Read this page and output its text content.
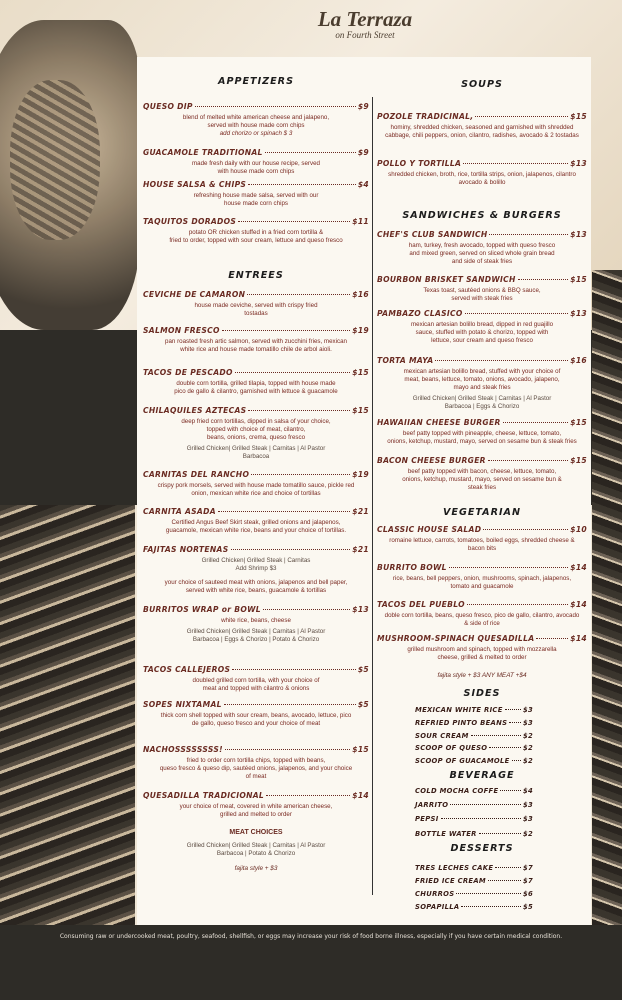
La Terraza
on Fourth Street
APPETIZERS
QUESO DIP	$9
blend of melted white american cheese and jalapeno,
served with house made corn chips
add chorizo or spinach $ 3
GUACAMOLE TRADITIONAL	$9
made fresh daily with our house recipe, served
with house made corn chips
HOUSE SALSA & CHIPS	$4
refreshing house made salsa, served with our
house made corn chips
TAQUITOS DORADOS	$11
potato OR chicken stuffed in a fried corn tortilla &
fried to order, topped with sour cream, lettuce and queso fresco
ENTREES
CEVICHE DE CAMARON	$16
house made ceviche, served with crispy fried
tostadas
SALMON FRESCO	$19
pan roasted fresh artic salmon, served with zucchini fries, mexican
white rice and house made tomatillo chile de arbol aioli.
TACOS DE PESCADO	$15
double corn tortilla, grilled tilapia, topped with house made
pico de gallo & cilantro, garnished with lettuce & guacamole
CHILAQUILES AZTECAS	$15
deep fried corn tortillas, dipped in salsa of your choice,
topped with choice of meat, cilantro,
beans, onions, crema, queso fresco
Grilled Chicken| Grilled Steak | Carnitas | Al Pastor
Barbacoa
CARNITAS DEL RANCHO	$19
crispy pork morsels, served with house made tomatillo sauce, pickle red
onion, mexican white rice and choice of tortillas
CARNITA ASADA	$21
Certified Angus Beef Skirt steak, grilled onions and jalapenos,
guacamole, mexican white rice, beans and your choice of tortillas.
FAJITAS NORTENAS	$21
Grilled Chicken| Grilled Steak | Carnitas
Add Shrimp $3
your choice of sauteed meat with onions, jalapenos and bell paper,
served with white rice, beans, guacamole & tortillas
BURRITOS WRAP or BOWL	$13
white rice, beans, cheese
Grilled Chicken| Grilled Steak | Carnitas | Al Pastor
Barbacoa | Eggs & Chorizo | Potato & Chorizo
TACOS CALLEJEROS	$5
doubled grilled corn tortilla, with your choice of
meat and topped with cilantro & onions
SOPES NIXTAMAL	$5
thick corn shell topped with sour cream, beans, avocado, lettuce, pico
de gallo, queso fresco and your choice of meat
NACHOSSSSSSSS!	$15
fried to order corn tortilla chips, topped with beans,
queso fresco & queso dip, sautéed onions, jalapenos, and your choice
of meat
QUESADILLA TRADICIONAL	$14
your choice of meat, covered in white american cheese,
grilled and melted to order
MEAT CHOICES
Grilled Chicken| Grilled Steak | Carnitas | Al Pastor
Barbacoa | Potato & Chorizo
fajita style + $3
SOUPS
POZOLE TRADICINAL,	$15
hominy, shredded chicken, seasoned and garnished with shredded
cabbage, chili peppers, onion, cilantro, radishes, avocado & 2 tostadas
POLLO Y TORTILLA	$13
shredded chicken, broth, rice, tortilla strips, onion, jalapenos, cilantro
avocado & bolillo
SANDWICHES & BURGERS
CHEF'S CLUB SANDWICH	$13
ham, turkey, fresh avocado, topped with queso fresco
and mixed green, served on sliced whole grain bread
and side of steak fries
BOURBON BRISKET SANDWICH	$15
Texas toast, sautéed onions & BBQ sauce,
served with steak fries
PAMBAZO CLASICO	$13
mexican artesian bolillo bread, dipped in red guajillo
sauce, stuffed with potato & chorizo, topped with
lettuce, sour cream and queso fresco
TORTA MAYA	$16
mexican artesian bolillo bread, stuffed with your choice of
meat, beans, lettuce, tomato, onions, avocado, jalapeno,
mayo and steak fries
Grilled Chicken| Grilled Steak | Carnitas | Al Pastor
Barbacoa | Eggs & Chorizo
HAWAIIAN CHEESE BURGER	$15
beef patty topped with pineapple, cheese, lettuce, tomato,
onions, ketchup, mustard, mayo, served on sesame bun & steak fries
BACON CHEESE BURGER	$15
beef patty topped with bacon, cheese, lettuce, tomato,
onions, ketchup, mustard, mayo, served on sesame bun &
steak fries
VEGETARIAN
CLASSIC HOUSE SALAD	$10
romaine lettuce, carrots, tomatoes, boiled eggs, shredded cheese &
bacon bits
BURRITO BOWL	$14
rice, beans, bell peppers, onion, mushrooms, spinach, jalapenos,
tomato and guacamole
TACOS DEL PUEBLO	$14
doble corn tortilla, beans, queso fresco, pico de gallo, cilantro, avocado
& side of rice
MUSHROOM-SPINACH QUESADILLA	$14
grilled mushroom and spinach, topped with mozzarella
cheese, grilled & melted to order
fajita style + $3 ANY MEAT +$4
SIDES
MEXICAN WHITE RICE	$3
REFRIED PINTO BEANS $3
SOUR CREAM	$2
SCOOP OF QUESO	$2
SCOOP OF GUACAMOLE $2
BEVERAGE
COLD MOCHA COFFE	$4
JARRITO	$3
PEPSI	$3
BOTTLE WATER	$2
DESSERTS
TRES LECHES CAKE	$7
FRIED ICE CREAM	$7
CHURROS	$6
SOPAPILLA	$5
Consuming raw or undercooked meat, poultry, seafood, shellfish, or eggs may increase your risk of food borne illness, especially if you have certain medical condition.
